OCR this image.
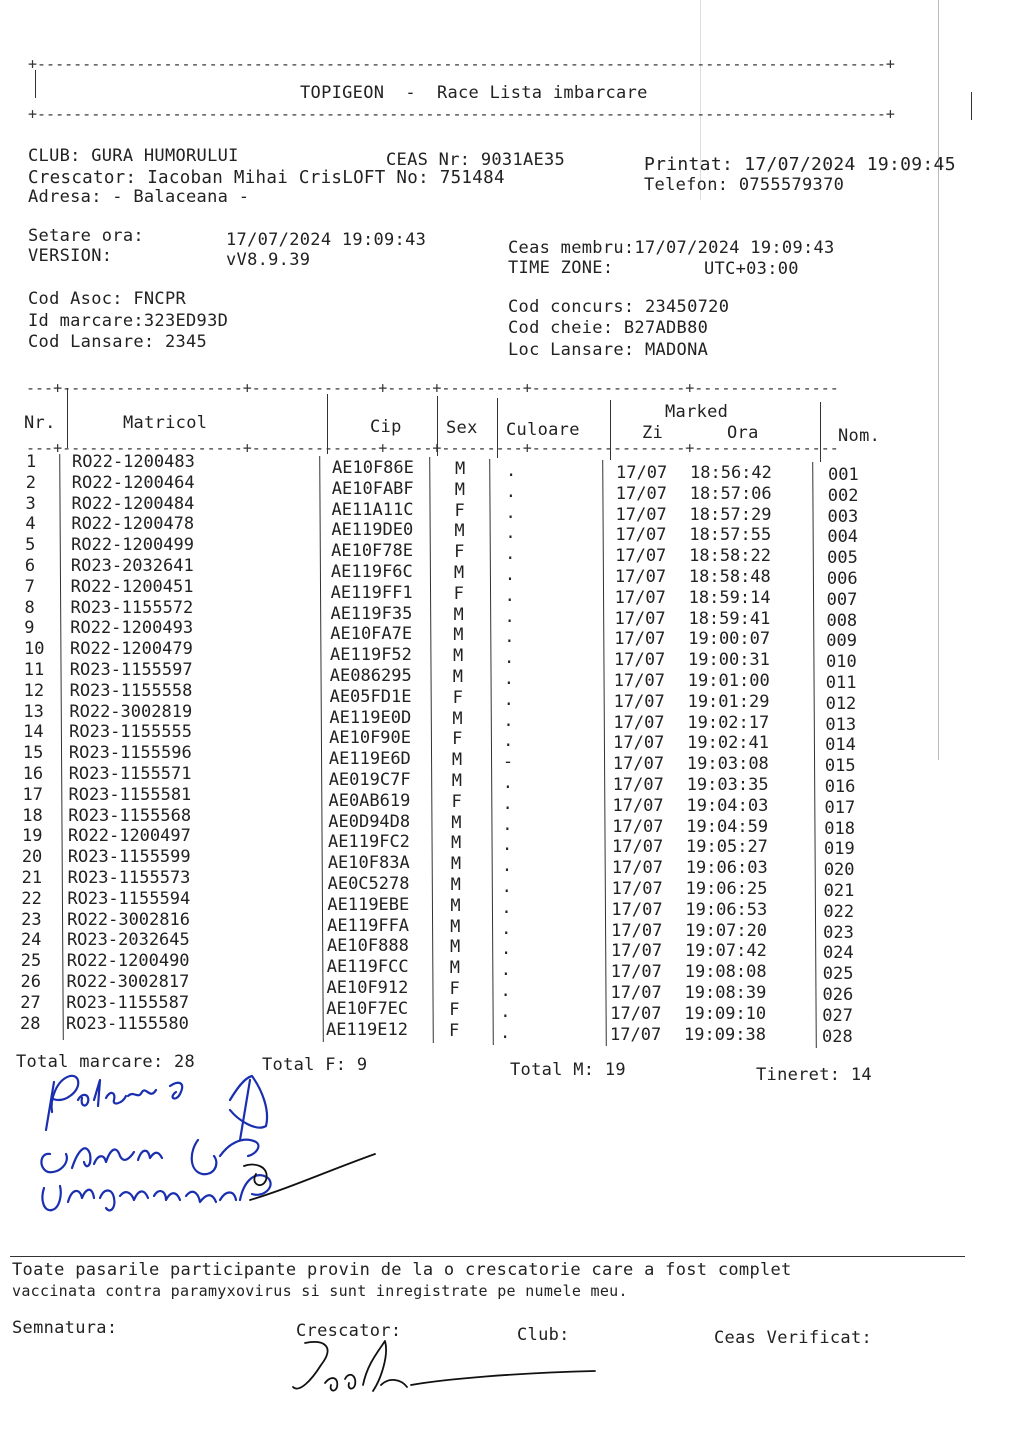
+----------------------------------------------------------------------------------------------+
TOPIGEON  -  Race Lista imbarcare
+----------------------------------------------------------------------------------------------+
CLUB: GURA HUMORULUI	CEAS Nr: 9031AE35	Printat: 17/07/2024 19:09:45
Crescator: Iacoban Mihai CrisLOFT No: 751484	Telefon: 0755579370
Adresa: - Balaceana -
Setare ora:	17/07/2024 19:09:43
VERSION:	vV8.9.39
Ceas membru:17/07/2024 19:09:43
TIME ZONE:	UTC+03:00
Cod Asoc: FNCPR
Id marcare:323ED93D
Cod Lansare: 2345
Cod concurs: 23450720
Cod cheie: B27ADB80
Loc Lansare: MADONA
---+--------------------+--------------+-----+---------+-----------------+----------------
---+--------------------+--------------+-----+---------+-----------------+----------------
Nr.	Matricol	Cip	Sex Culoare
Marked
Zi	Ora	Nom.
1 RO22-1200483	AE10F86E M .	17/07 18:56:42	001
2 RO22-1200464	AE10FABF M .	17/07 18:57:06	002
3 RO22-1200484	AE11A11C F .	17/07 18:57:29	003
4 RO22-1200478	AE119DE0 M .	17/07 18:57:55	004
5 RO22-1200499	AE10F78E F .	17/07 18:58:22	005
6 RO23-2032641	AE119F6C M .	17/07 18:58:48	006
7 RO22-1200451	AE119FF1 F .	17/07 18:59:14	007
8 RO23-1155572	AE119F35 M .	17/07 18:59:41	008
9 RO22-1200493	AE10FA7E M .	17/07 19:00:07	009
10 RO22-1200479	AE119F52 M .	17/07 19:00:31	010
11 RO23-1155597	AE086295 M .	17/07 19:01:00	011
12 RO23-1155558	AE05FD1E F .	17/07 19:01:29	012
13 RO22-3002819	AE119E0D M .	17/07 19:02:17	013
14 RO23-1155555	AE10F90E F .	17/07 19:02:41	014
15 RO23-1155596	AE119E6D M -	17/07 19:03:08	015
16 RO23-1155571	AE019C7F M .	17/07 19:03:35	016
17 RO23-1155581	AE0AB619 F .	17/07 19:04:03	017
18 RO23-1155568	AE0D94D8 M .	17/07 19:04:59	018
19 RO22-1200497	AE119FC2 M .	17/07 19:05:27	019
20 RO23-1155599	AE10F83A M .	17/07 19:06:03	020
21 RO23-1155573	AE0C5278 M .	17/07 19:06:25	021
22 RO23-1155594	AE119EBE M .	17/07 19:06:53	022
23 RO22-3002816	AE119FFA M .	17/07 19:07:20	023
24 RO23-2032645	AE10F888 M .	17/07 19:07:42	024
25 RO22-1200490	AE119FCC M .	17/07 19:08:08	025
26 RO22-3002817	AE10F912 F .	17/07 19:08:39	026
27 RO23-1155587	AE10F7EC F .	17/07 19:09:10	027
28 RO23-1155580	AE119E12 F .	17/07 19:09:38	028
Total marcare: 28	Total F: 9	Total M: 19	Tineret: 14
Toate pasarile participante provin de la o crescatorie care a fost complet
vaccinata contra paramyxovirus si sunt inregistrate pe numele meu.
Semnatura:	Crescator:	Club:	Ceas Verificat:
